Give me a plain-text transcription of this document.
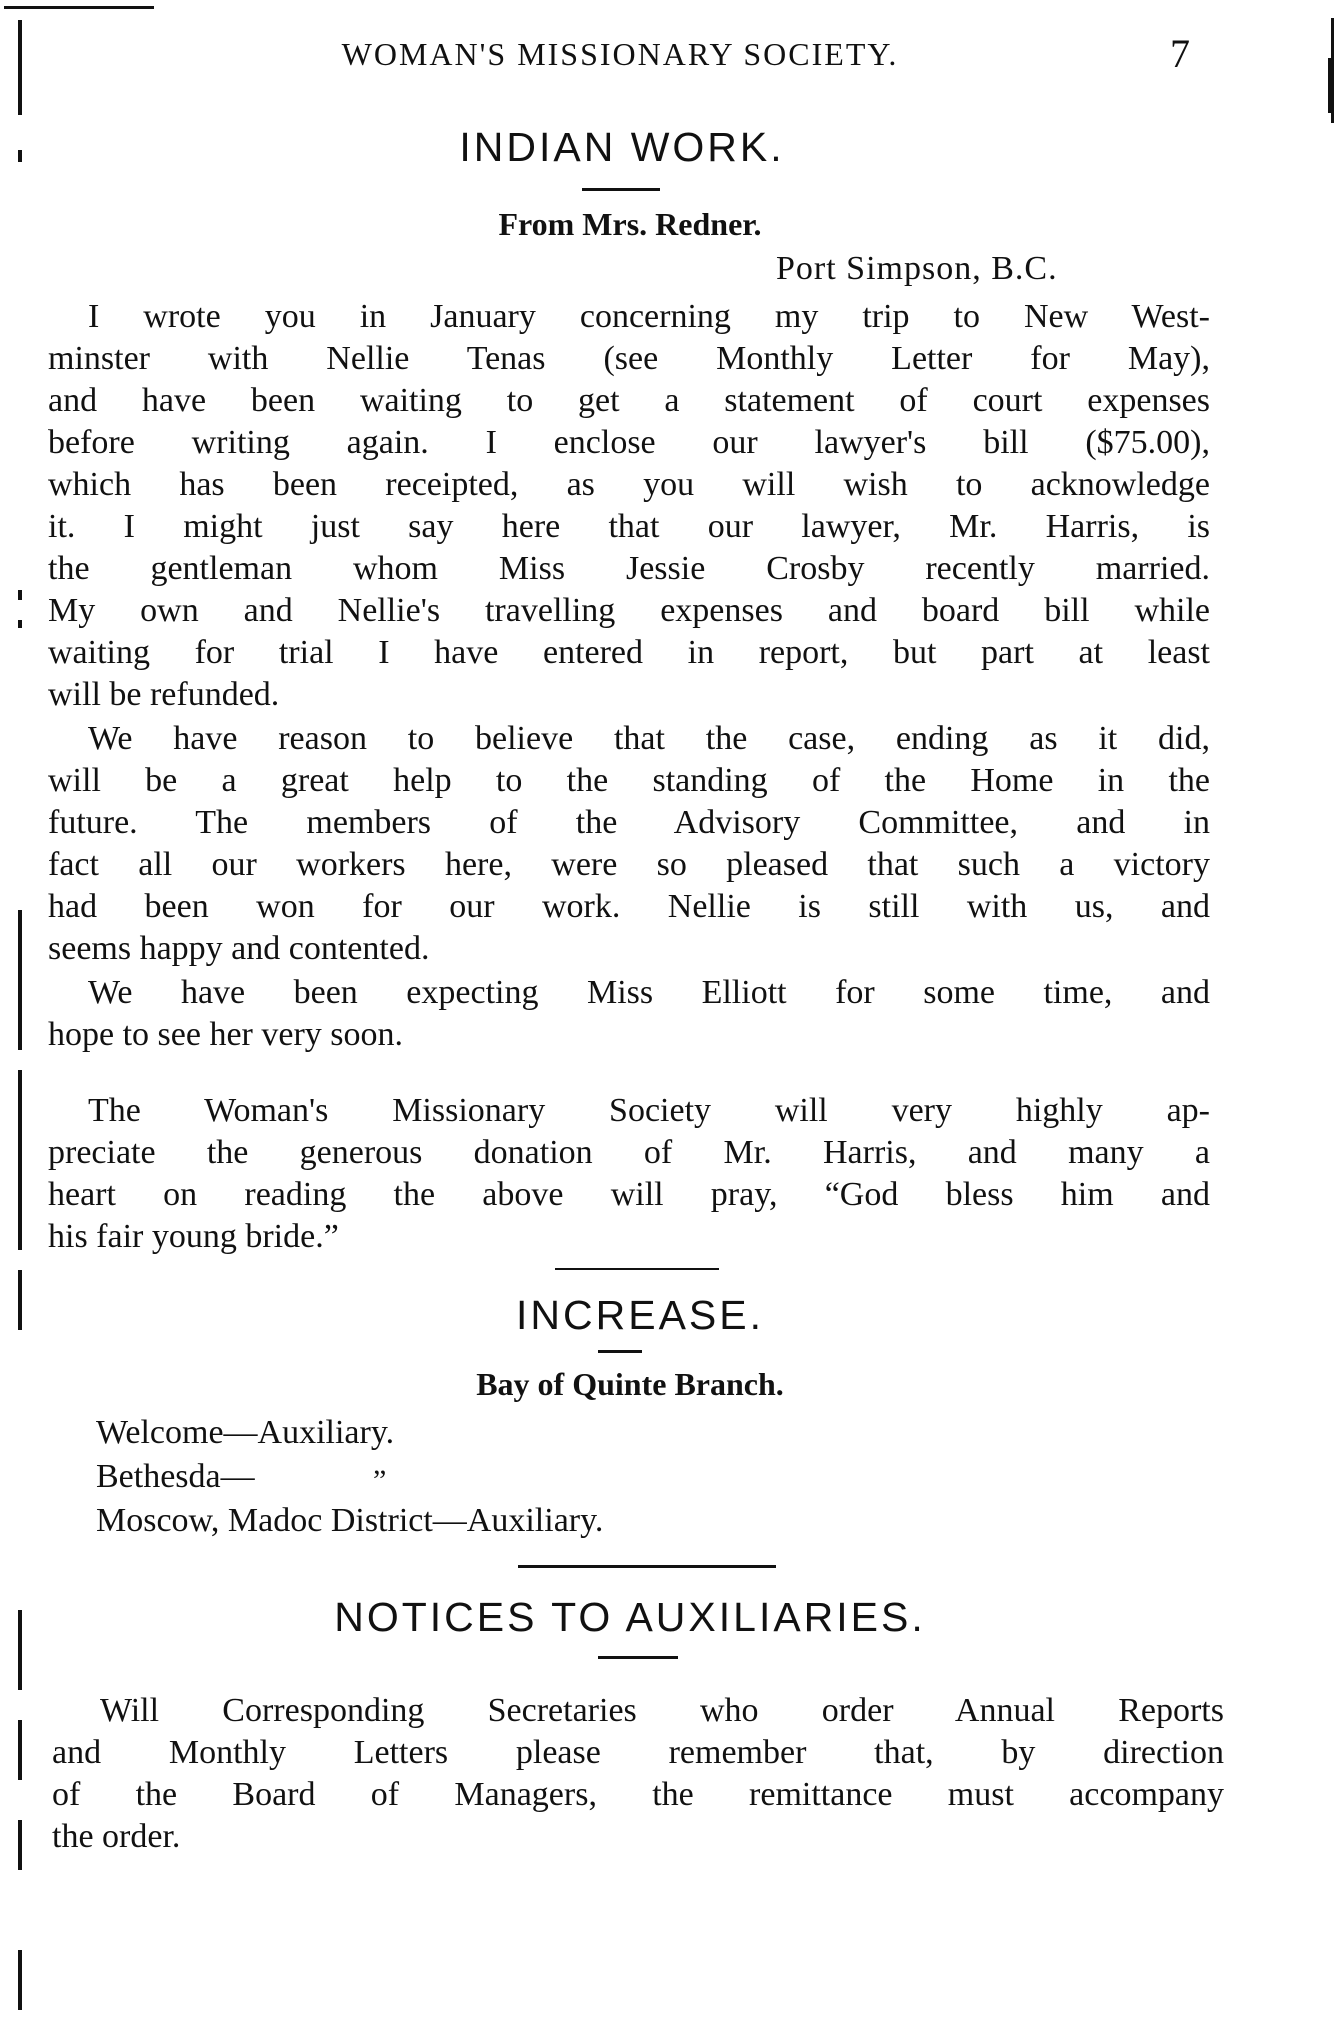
WOMAN'S MISSIONARY SOCIETY.	7
INDIAN WORK.
From Mrs. Redner.
Port Simpson, B.C.
I wrote you in January concerning my trip to New West-
minster with Nellie Tenas (see Monthly Letter for May),
and have been waiting to get a statement of court expenses
before writing again. I enclose our lawyer's bill ($75.00),
which has been receipted, as you will wish to acknowledge
it. I might just say here that our lawyer, Mr. Harris, is
the gentleman whom Miss Jessie Crosby recently married.
My own and Nellie's travelling expenses and board bill while
waiting for trial I have entered in report, but part at least
will be refunded.
We have reason to believe that the case, ending as it did,
will be a great help to the standing of the Home in the
future. The members of the Advisory Committee, and in
fact all our workers here, were so pleased that such a victory
had been won for our work. Nellie is still with us, and
seems happy and contented.
We have been expecting Miss Elliott for some time, and
hope to see her very soon.
The Woman's Missionary Society will very highly ap-
preciate the generous donation of Mr. Harris, and many a
heart on reading the above will pray, “God bless him and
his fair young bride.”
INCREASE.
Bay of Quinte Branch.
Welcome—Auxiliary.
Bethesda—	”
Moscow, Madoc District—Auxiliary.
NOTICES TO AUXILIARIES.
Will Corresponding Secretaries who order Annual Reports
and Monthly Letters please remember that, by direction
of the Board of Managers, the remittance must accompany
the order.
